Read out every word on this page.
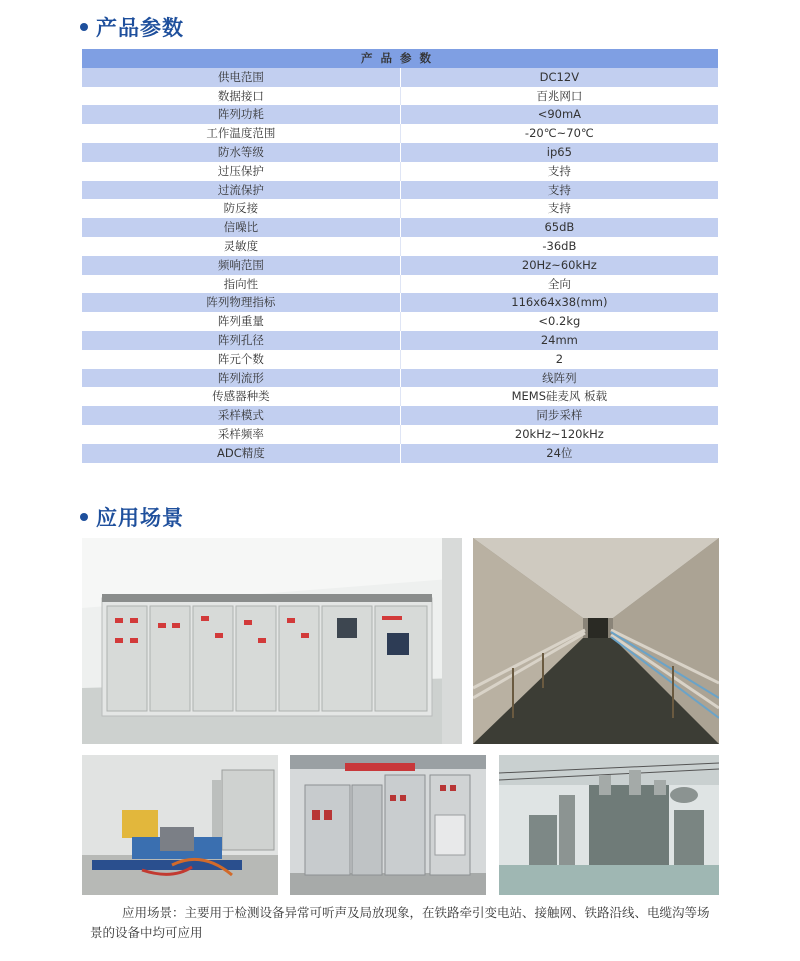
产品参数
产品参数	
供电范围	DC12V
数据接口	百兆网口
阵列功耗	<90mA
工作温度范围	-20℃~70℃
防水等级	ip65
过压保护	支持
过流保护	支持
防反接	支持
信噪比	65dB
灵敏度	-36dB
频响范围	20Hz~60kHz
指向性	全向
阵列物理指标	116x64x38(mm)
阵列重量	<0.2kg
阵列孔径	24mm
阵元个数	2
阵列流形	线阵列
传感器种类	MEMS硅麦风 板载
采样模式	同步采样
采样频率	20kHz~120kHz
ADC精度	24位
应用场景
应用场景：主要用于检测设备异常可听声及局放现象，在铁路牵引变电站、接触网、铁路沿线、电缆沟等场景的设备中均可应用
